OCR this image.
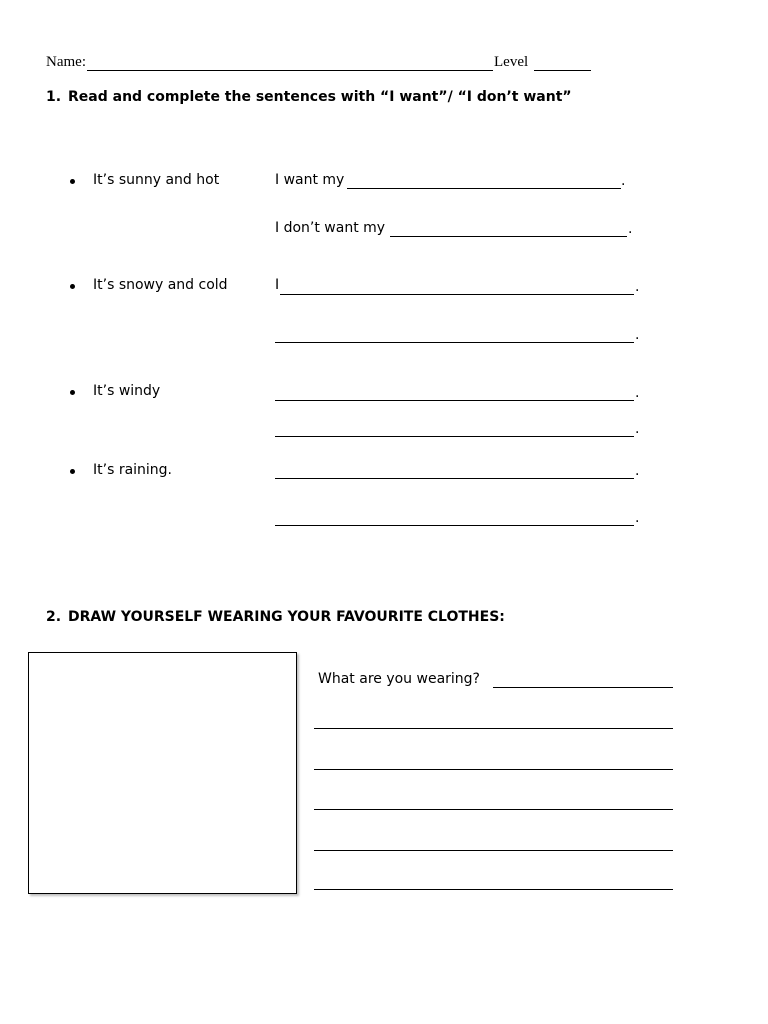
Name:	Level
1. Read and complete the sentences with “I want”/ “I don’t want”
It’s sunny and hot	I want my	.
I don’t want my	.
It’s snowy and cold	I	.
.
It’s windy	.
.
It’s raining.	.
.
2. DRAW YOURSELF WEARING YOUR FAVOURITE CLOTHES:
What are you wearing?
